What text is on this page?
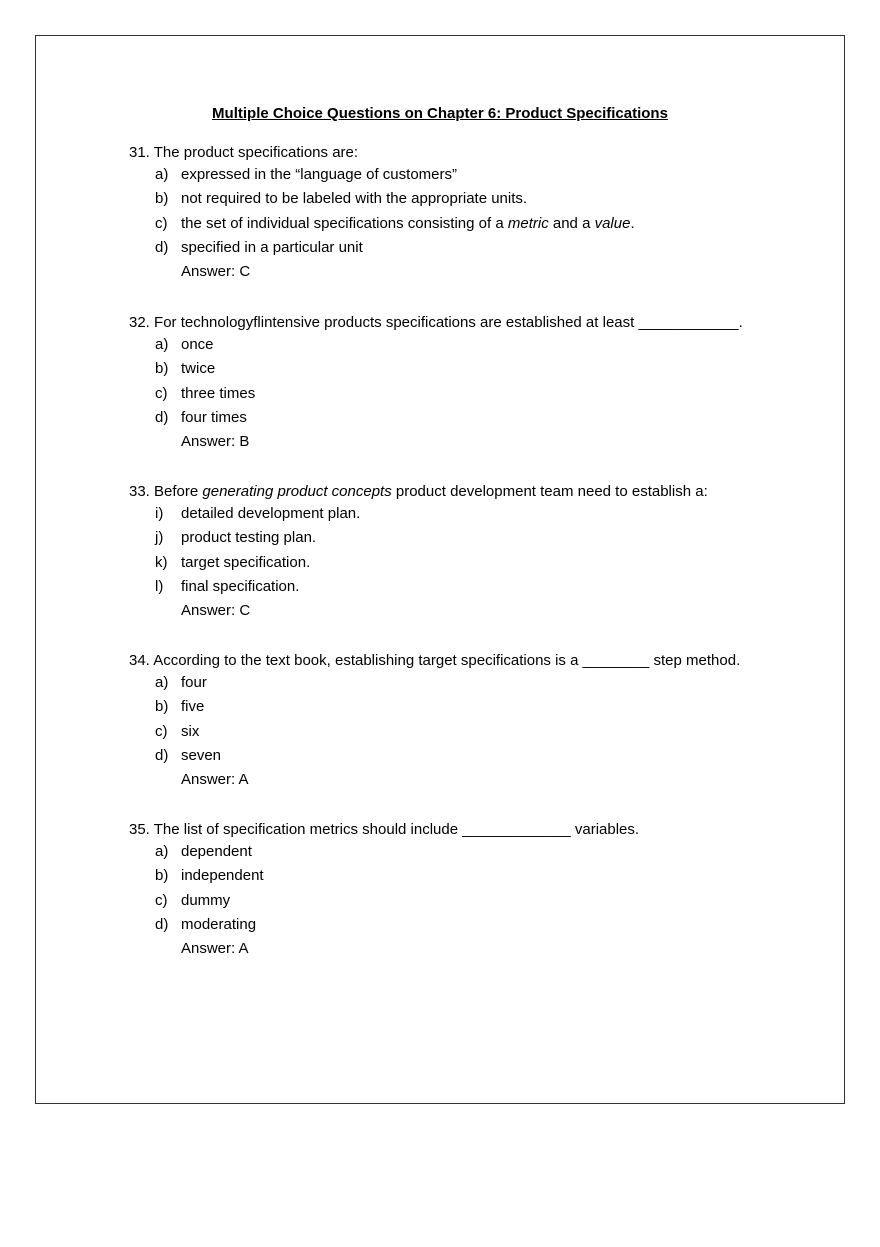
Multiple Choice Questions on Chapter 6: Product Specifications
31. The product specifications are:
a) expressed in the “language of customers”
b) not required to be labeled with the appropriate units.
c) the set of individual specifications consisting of a metric and a value.
d) specified in a particular unit
Answer: C
32. For technologyflintensive products specifications are established at least ____________.
a) once
b) twice
c) three times
d) four times
Answer: B
33. Before generating product concepts product development team need to establish a:
i) detailed development plan.
j) product testing plan.
k) target specification.
l) final specification.
Answer: C
34. According to the text book, establishing target specifications is a ________ step method.
a) four
b) five
c) six
d) seven
Answer: A
35. The list of specification metrics should include _____________ variables.
a) dependent
b) independent
c) dummy
d) moderating
Answer: A
